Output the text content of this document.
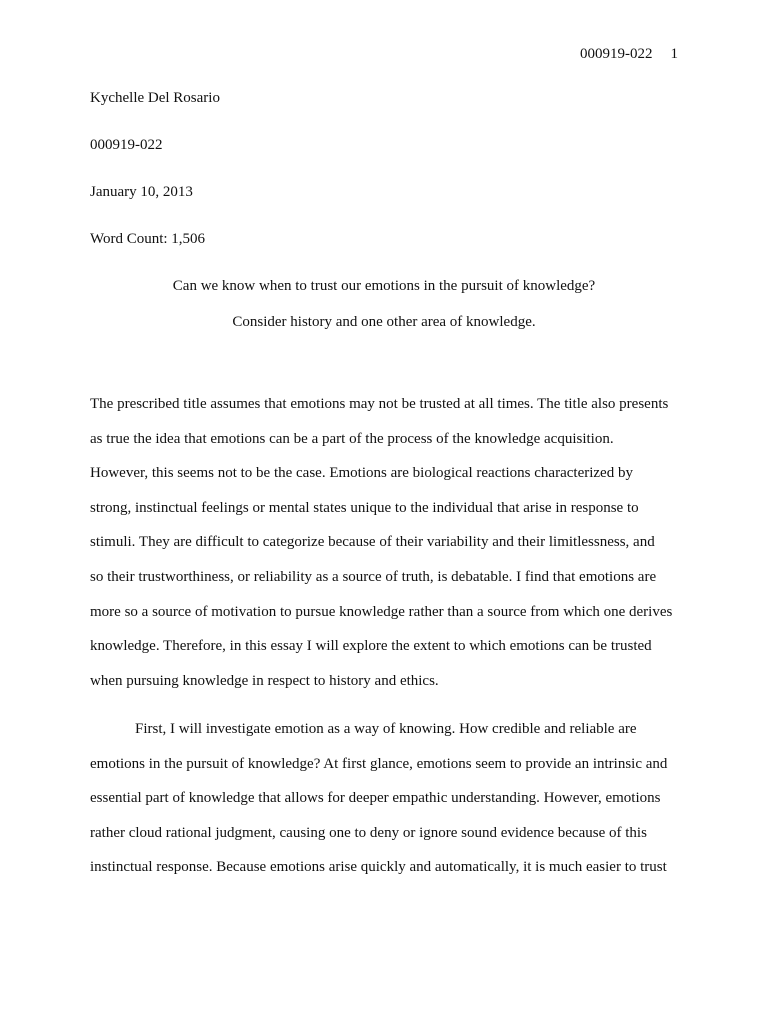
000919-022 1
Kychelle Del Rosario
000919-022
January 10, 2013
Word Count: 1,506
Can we know when to trust our emotions in the pursuit of knowledge?
Consider history and one other area of knowledge.
The prescribed title assumes that emotions may not be trusted at all times. The title also presents
as true the idea that emotions can be a part of the process of the knowledge acquisition.
However, this seems not to be the case. Emotions are biological reactions characterized by
strong, instinctual feelings or mental states unique to the individual that arise in response to
stimuli. They are difficult to categorize because of their variability and their limitlessness, and
so their trustworthiness, or reliability as a source of truth, is debatable. I find that emotions are
more so a source of motivation to pursue knowledge rather than a source from which one derives
knowledge. Therefore, in this essay I will explore the extent to which emotions can be trusted
when pursuing knowledge in respect to history and ethics.
First, I will investigate emotion as a way of knowing. How credible and reliable are
emotions in the pursuit of knowledge? At first glance, emotions seem to provide an intrinsic and
essential part of knowledge that allows for deeper empathic understanding. However, emotions
rather cloud rational judgment, causing one to deny or ignore sound evidence because of this
instinctual response. Because emotions arise quickly and automatically, it is much easier to trust
